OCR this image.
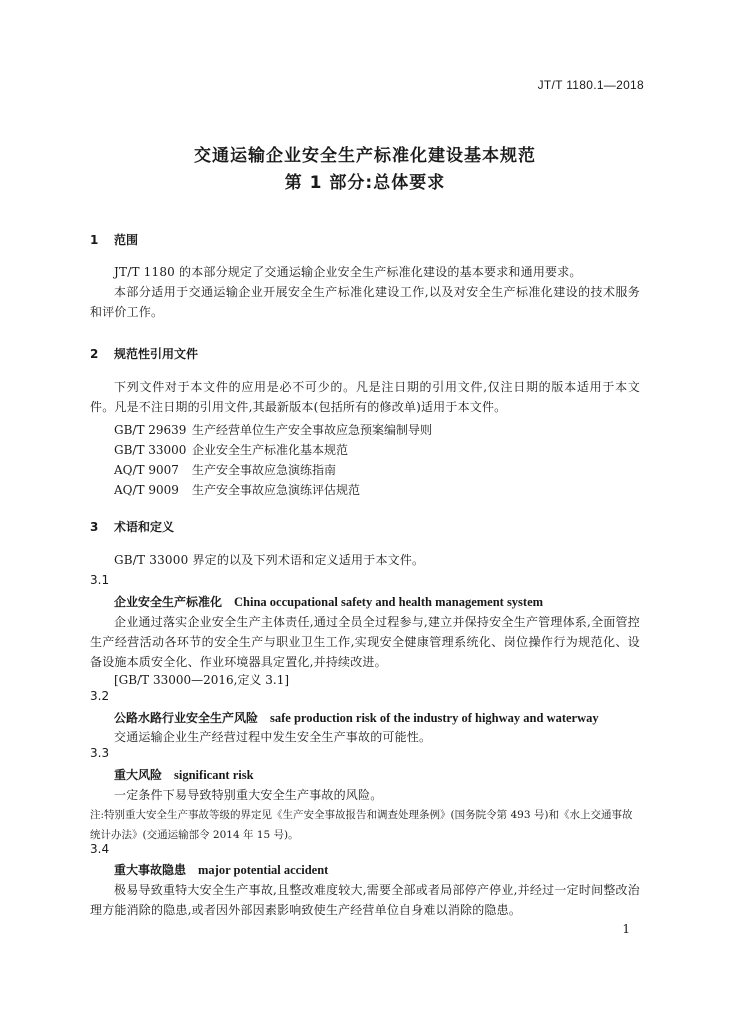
JT/T 1180.1—2018
交通运输企业安全生产标准化建设基本规范
第 1 部分:总体要求
1 范围
JT/T 1180 的本部分规定了交通运输企业安全生产标准化建设的基本要求和通用要求。
本部分适用于交通运输企业开展安全生产标准化建设工作,以及对安全生产标准化建设的技术服务和评价工作。
2 规范性引用文件
下列文件对于本文件的应用是必不可少的。凡是注日期的引用文件,仅注日期的版本适用于本文件。凡是不注日期的引用文件,其最新版本(包括所有的修改单)适用于本文件。
GB/T 29639 生产经营单位生产安全事故应急预案编制导则
GB/T 33000 企业安全生产标准化基本规范
AQ/T 9007 生产安全事故应急演练指南
AQ/T 9009 生产安全事故应急演练评估规范
3 术语和定义
GB/T 33000 界定的以及下列术语和定义适用于本文件。
3.1
企业安全生产标准化 China occupational safety and health management system
企业通过落实企业安全生产主体责任,通过全员全过程参与,建立并保持安全生产管理体系,全面管控生产经营活动各环节的安全生产与职业卫生工作,实现安全健康管理系统化、岗位操作行为规范化、设备设施本质安全化、作业环境器具定置化,并持续改进。
[GB/T 33000—2016,定义 3.1]
3.2
公路水路行业安全生产风险 safe production risk of the industry of highway and waterway
交通运输企业生产经营过程中发生安全生产事故的可能性。
3.3
重大风险 significant risk
一定条件下易导致特别重大安全生产事故的风险。
注:特别重大安全生产事故等级的界定见《生产安全事故报告和调查处理条例》(国务院令第 493 号)和《水上交通事故统计办法》(交通运输部令 2014 年 15 号)。
3.4
重大事故隐患 major potential accident
极易导致重特大安全生产事故,且整改难度较大,需要全部或者局部停产停业,并经过一定时间整改治理方能消除的隐患,或者因外部因素影响致使生产经营单位自身难以消除的隐患。
1
